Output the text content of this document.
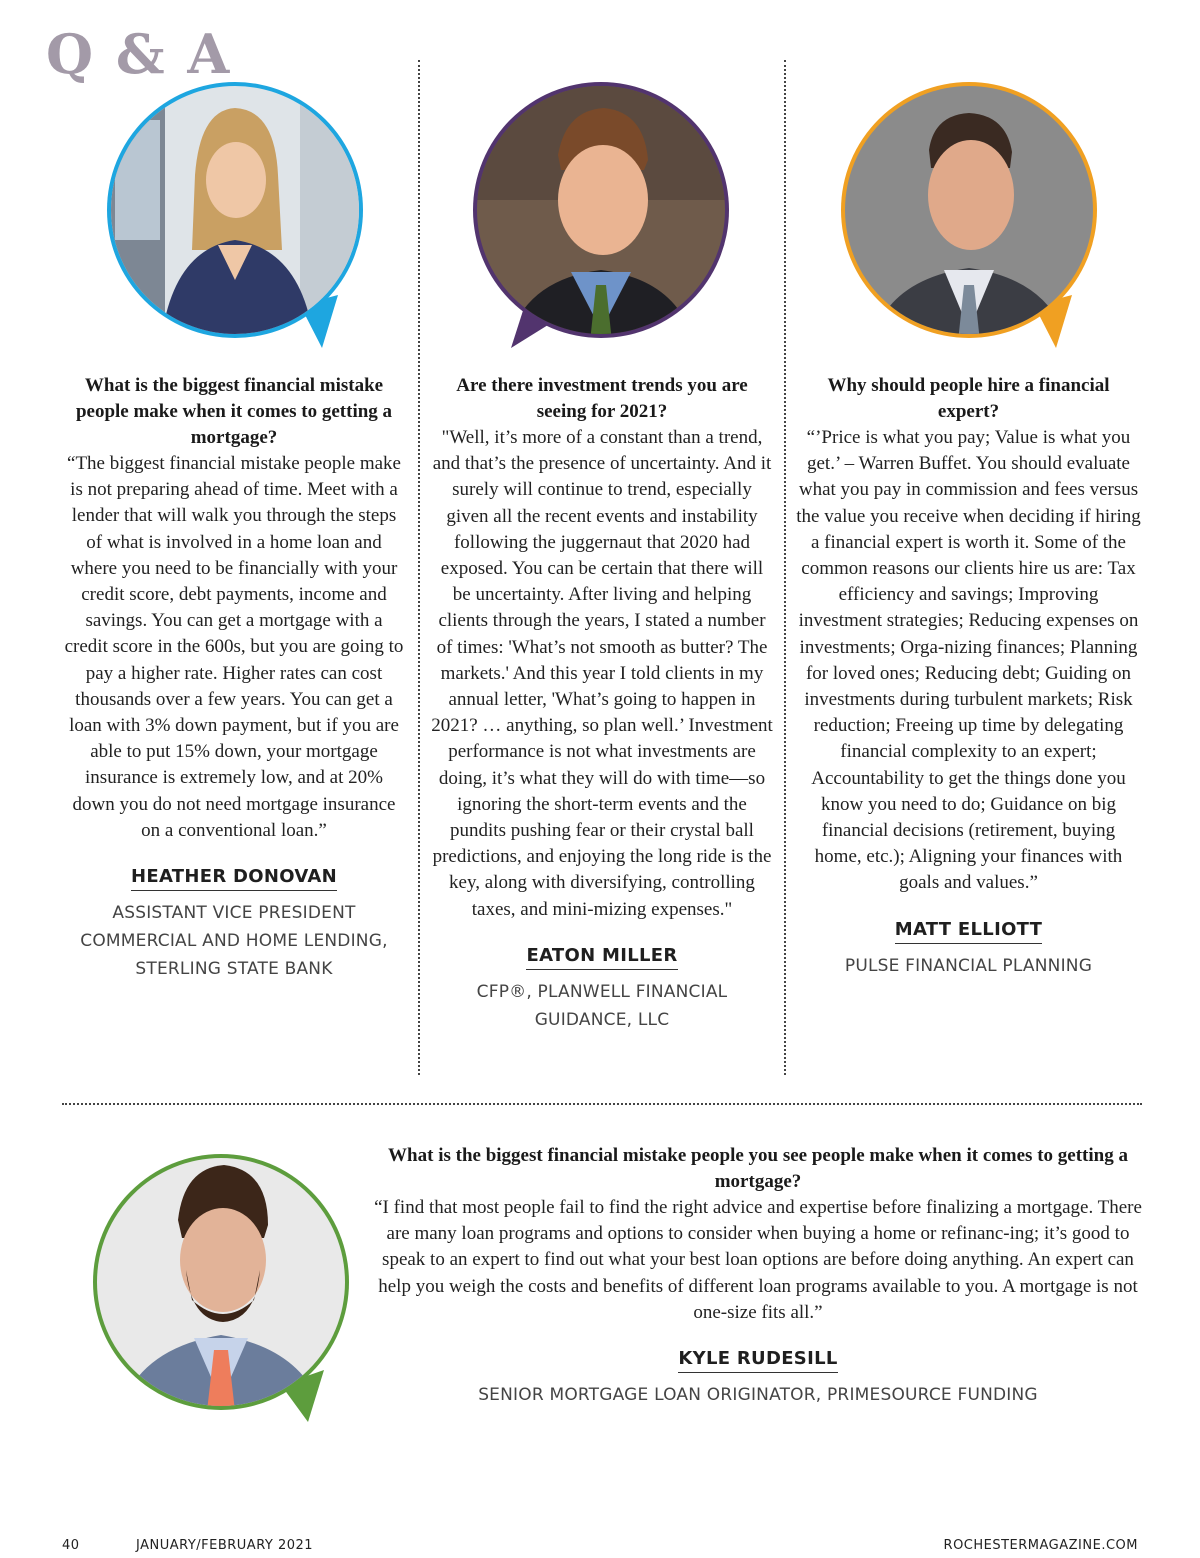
Q & A

What is the biggest financial mistake people make when it comes to getting a mortgage?

“The biggest financial mistake people make is not preparing ahead of time. Meet with a lender that will walk you through the steps of what is involved in a home loan and where you need to be financially with your credit score, debt payments, income and savings. You can get a mortgage with a credit score in the 600s, but you are going to pay a higher rate. Higher rates can cost thousands over a few years. You can get a loan with 3% down payment, but if you are able to put 15% down, your mortgage insurance is extremely low, and at 20% down you do not need mortgage insurance on a conventional loan.”

HEATHER DONOVAN
ASSISTANT VICE PRESIDENT COMMERCIAL AND HOME LENDING, STERLING STATE BANK

Are there investment trends you are seeing for 2021?

"Well, it’s more of a constant than a trend, and that’s the presence of uncertainty. And it surely will continue to trend, especially given all the recent events and instability following the juggernaut that 2020 had exposed. You can be certain that there will be uncertainty. After living and helping clients through the years, I stated a number of times: 'What’s not smooth as butter? The markets.' And this year I told clients in my annual letter, 'What’s going to happen in 2021? … anything, so plan well.’ Investment performance is not what investments are doing, it’s what they will do with time—so ignoring the short-term events and the pundits pushing fear or their crystal ball predictions, and enjoying the long ride is the key, along with diversifying, controlling taxes, and mini-mizing expenses."

EATON MILLER
CFP®, PLANWELL FINANCIAL GUIDANCE, LLC

Why should people hire a financial expert?

“’Price is what you pay; Value is what you get.’ – Warren Buffet. You should evaluate what you pay in commission and fees versus the value you receive when deciding if hiring a financial expert is worth it. Some of the common reasons our clients hire us are: Tax efficiency and savings; Improving investment strategies; Reducing expenses on investments; Orga-nizing finances; Planning for loved ones; Reducing debt; Guiding on investments during turbulent markets; Risk reduction; Freeing up time by delegating financial complexity to an expert; Accountability to get the things done you know you need to do; Guidance on big financial decisions (retirement, buying home, etc.); Aligning your finances with goals and values.”

MATT ELLIOTT
PULSE FINANCIAL PLANNING

What is the biggest financial mistake people you see people make when it comes to getting a mortgage?

“I find that most people fail to find the right advice and expertise before finalizing a mortgage. There are many loan programs and options to consider when buying a home or refinanc-ing; it’s good to speak to an expert to find out what your best loan options are before doing anything. An expert can help you weigh the costs and benefits of different loan programs available to you. A mortgage is not one-size fits all.”

KYLE RUDESILL
SENIOR MORTGAGE LOAN ORIGINATOR, PRIMESOURCE FUNDING
40	JANUARY/FEBRUARY 2021	ROCHESTERMAGAZINE.COM
